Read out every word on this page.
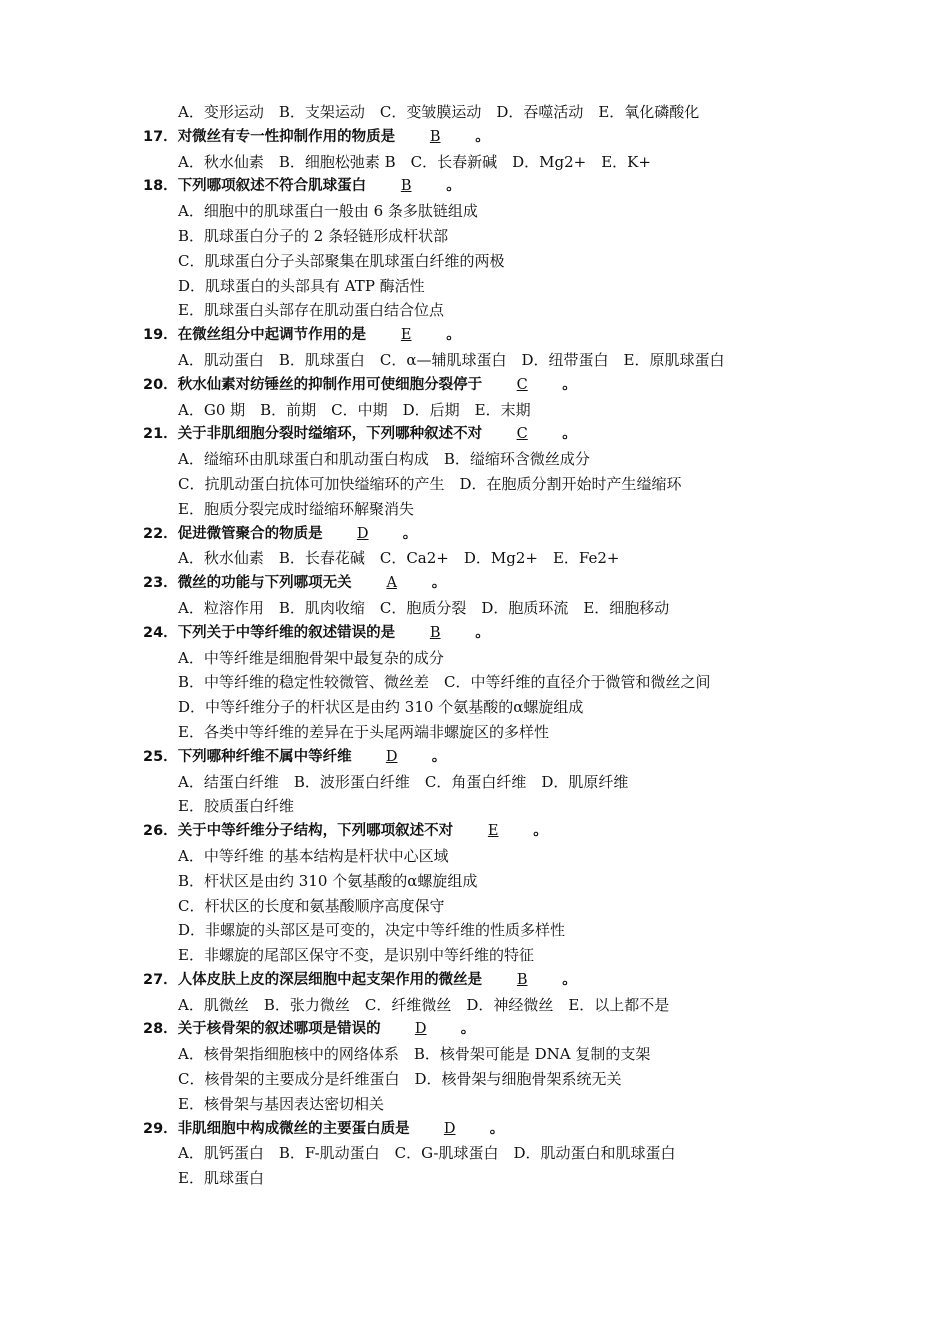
A．变形运动　B．支架运动　C．变皱膜运动　D．吞噬活动　E．氧化磷酸化
17．对微丝有专一性抑制作用的物质是 B 。
A．秋水仙素　B．细胞松弛素 B　C．长春新碱　D．Mg2+　E．K+
18．下列哪项叙述不符合肌球蛋白 B 。
A．细胞中的肌球蛋白一般由 6 条多肽链组成
B．肌球蛋白分子的 2 条轻链形成杆状部
C．肌球蛋白分子头部聚集在肌球蛋白纤维的两极
D．肌球蛋白的头部具有 ATP 酶活性
E．肌球蛋白头部存在肌动蛋白结合位点
19．在微丝组分中起调节作用的是 E 。
A．肌动蛋白　B．肌球蛋白　C．α—辅肌球蛋白　D．纽带蛋白　E．原肌球蛋白
20．秋水仙素对纺锤丝的抑制作用可使细胞分裂停于 C 。
A．G0 期　B．前期　C．中期　D．后期　E．末期
21．关于非肌细胞分裂时缢缩环，下列哪种叙述不对 C 。
A．缢缩环由肌球蛋白和肌动蛋白构成　B．缢缩环含微丝成分
C．抗肌动蛋白抗体可加快缢缩环的产生　D．在胞质分割开始时产生缢缩环
E．胞质分裂完成时缢缩环解聚消失
22．促进微管聚合的物质是 D 。
A．秋水仙素　B．长春花碱　C．Ca2+　D．Mg2+　E．Fe2+
23．微丝的功能与下列哪项无关 A 。
A．粒溶作用　B．肌肉收缩　C．胞质分裂　D．胞质环流　E．细胞移动
24．下列关于中等纤维的叙述错误的是 B 。
A．中等纤维是细胞骨架中最复杂的成分
B．中等纤维的稳定性较微管、微丝差　C．中等纤维的直径介于微管和微丝之间
D．中等纤维分子的杆状区是由约 310 个氨基酸的α螺旋组成
E．各类中等纤维的差异在于头尾两端非螺旋区的多样性
25．下列哪种纤维不属中等纤维 D 。
A．结蛋白纤维　B．波形蛋白纤维　C．角蛋白纤维　D．肌原纤维
E．胶质蛋白纤维
26．关于中等纤维分子结构，下列哪项叙述不对 E 。
A．中等纤维 的基本结构是杆状中心区域
B．杆状区是由约 310 个氨基酸的α螺旋组成
C．杆状区的长度和氨基酸顺序高度保守
D．非螺旋的头部区是可变的，决定中等纤维的性质多样性
E．非螺旋的尾部区保守不变，是识别中等纤维的特征
27．人体皮肤上皮的深层细胞中起支架作用的微丝是 B 。
A．肌微丝　B．张力微丝　C．纤维微丝　D．神经微丝　E．以上都不是
28．关于核骨架的叙述哪项是错误的 D 。
A．核骨架指细胞核中的网络体系　B．核骨架可能是 DNA 复制的支架
C．核骨架的主要成分是纤维蛋白　D．核骨架与细胞骨架系统无关
E．核骨架与基因表达密切相关
29．非肌细胞中构成微丝的主要蛋白质是 D 。
A．肌钙蛋白　B．F-肌动蛋白　C．G-肌球蛋白　D．肌动蛋白和肌球蛋白
E．肌球蛋白
